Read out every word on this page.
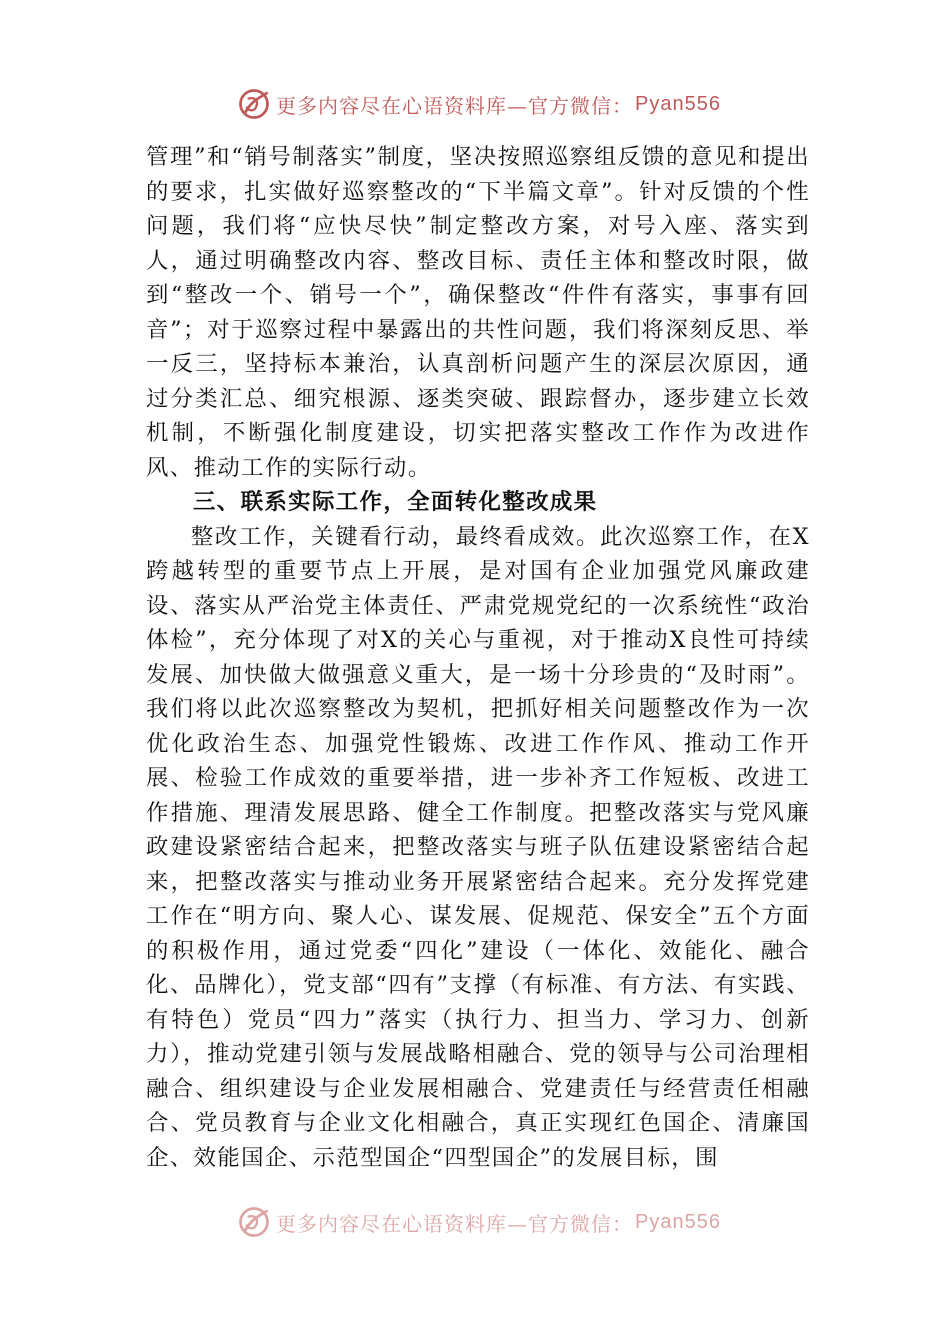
更多内容尽在心语资料库—官方微信： Pyan556

管理”和“销号制落实”制度，坚决按照巡察组反馈的意见和提出的要求，扎实做好巡察整改的“下半篇文章”。针对反馈的个性问题，我们将“应快尽快”制定整改方案，对号入座、落实到人，通过明确整改内容、整改目标、责任主体和整改时限，做到“整改一个、销号一个”，确保整改“件件有落实，事事有回音”；对于巡察过程中暴露出的共性问题，我们将深刻反思、举一反三，坚持标本兼治，认真剖析问题产生的深层次原因，通过分类汇总、细究根源、逐类突破、跟踪督办，逐步建立长效机制，不断强化制度建设，切实把落实整改工作作为改进作风、推动工作的实际行动。

三、联系实际工作，全面转化整改成果

整改工作，关键看行动，最终看成效。此次巡察工作，在X跨越转型的重要节点上开展，是对国有企业加强党风廉政建设、落实从严治党主体责任、严肃党规党纪的一次系统性“政治体检”，充分体现了对X的关心与重视，对于推动X良性可持续发展、加快做大做强意义重大，是一场十分珍贵的“及时雨”。我们将以此次巡察整改为契机，把抓好相关问题整改作为一次优化政治生态、加强党性锻炼、改进工作作风、推动工作开展、检验工作成效的重要举措，进一步补齐工作短板、改进工作措施、理清发展思路、健全工作制度。把整改落实与党风廉政建设紧密结合起来，把整改落实与班子队伍建设紧密结合起来，把整改落实与推动业务开展紧密结合起来。充分发挥党建工作在“明方向、聚人心、谋发展、促规范、保安全”五个方面的积极作用，通过党委“四化”建设（一体化、效能化、融合化、品牌化），党支部“四有”支撑（有标准、有方法、有实践、有特色）党员“四力”落实（执行力、担当力、学习力、创新力），推动党建引领与发展战略相融合、党的领导与公司治理相融合、组织建设与企业发展相融合、党建责任与经营责任相融合、党员教育与企业文化相融合，真正实现红色国企、清廉国企、效能国企、示范型国企“四型国企”的发展目标，围

更多内容尽在心语资料库—官方微信： Pyan556
